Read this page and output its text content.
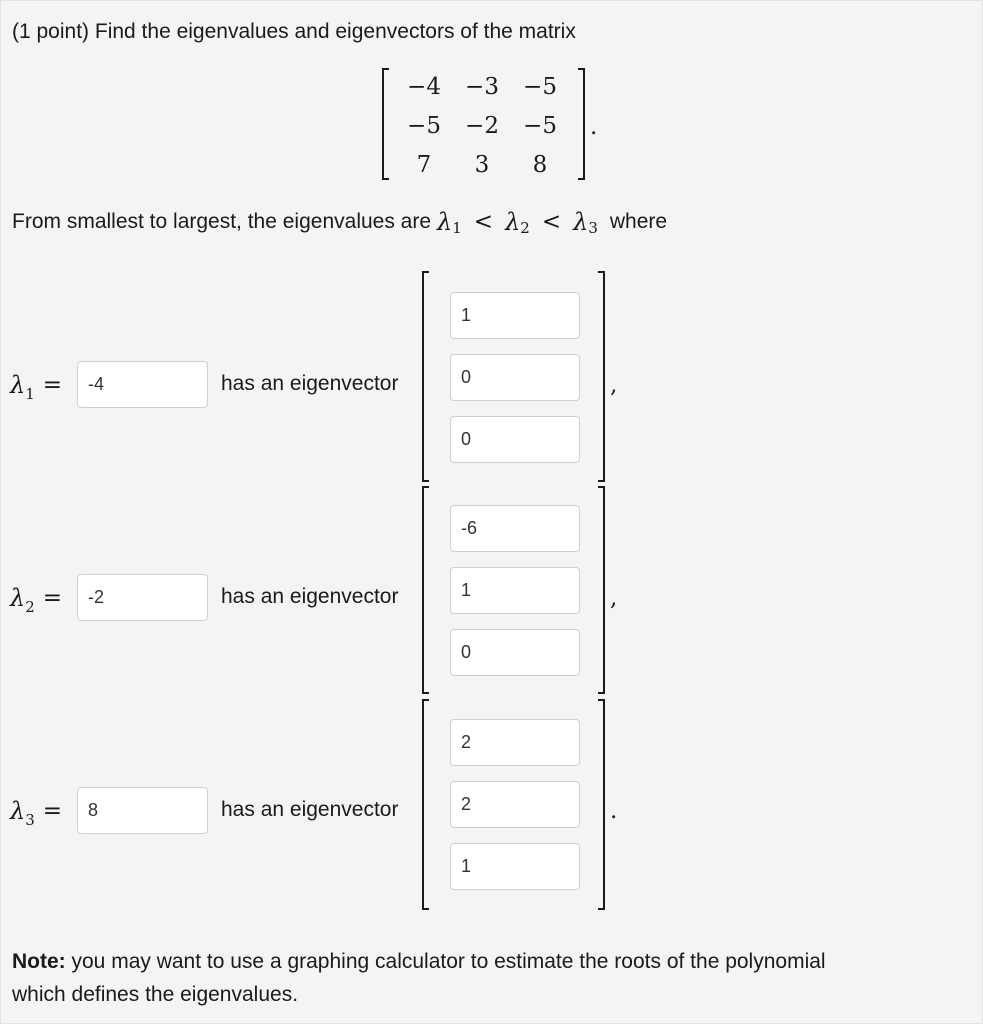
(1 point) Find the eigenvalues and eigenvectors of the matrix
−4	−3	−5
−5	−2	−5
7	3	8
.
From smallest to largest, the eigenvalues are λ 1 < λ 2 < λ 3 where
λ1 =
-4	has an eigenvector
1
0
0	,
λ2 =
-2	has an eigenvector
-6
1
0	,
λ3 =
8	has an eigenvector
2
2
1	.
Note: you may want to use a graphing calculator to estimate the roots of the polynomial
which defines the eigenvalues.
